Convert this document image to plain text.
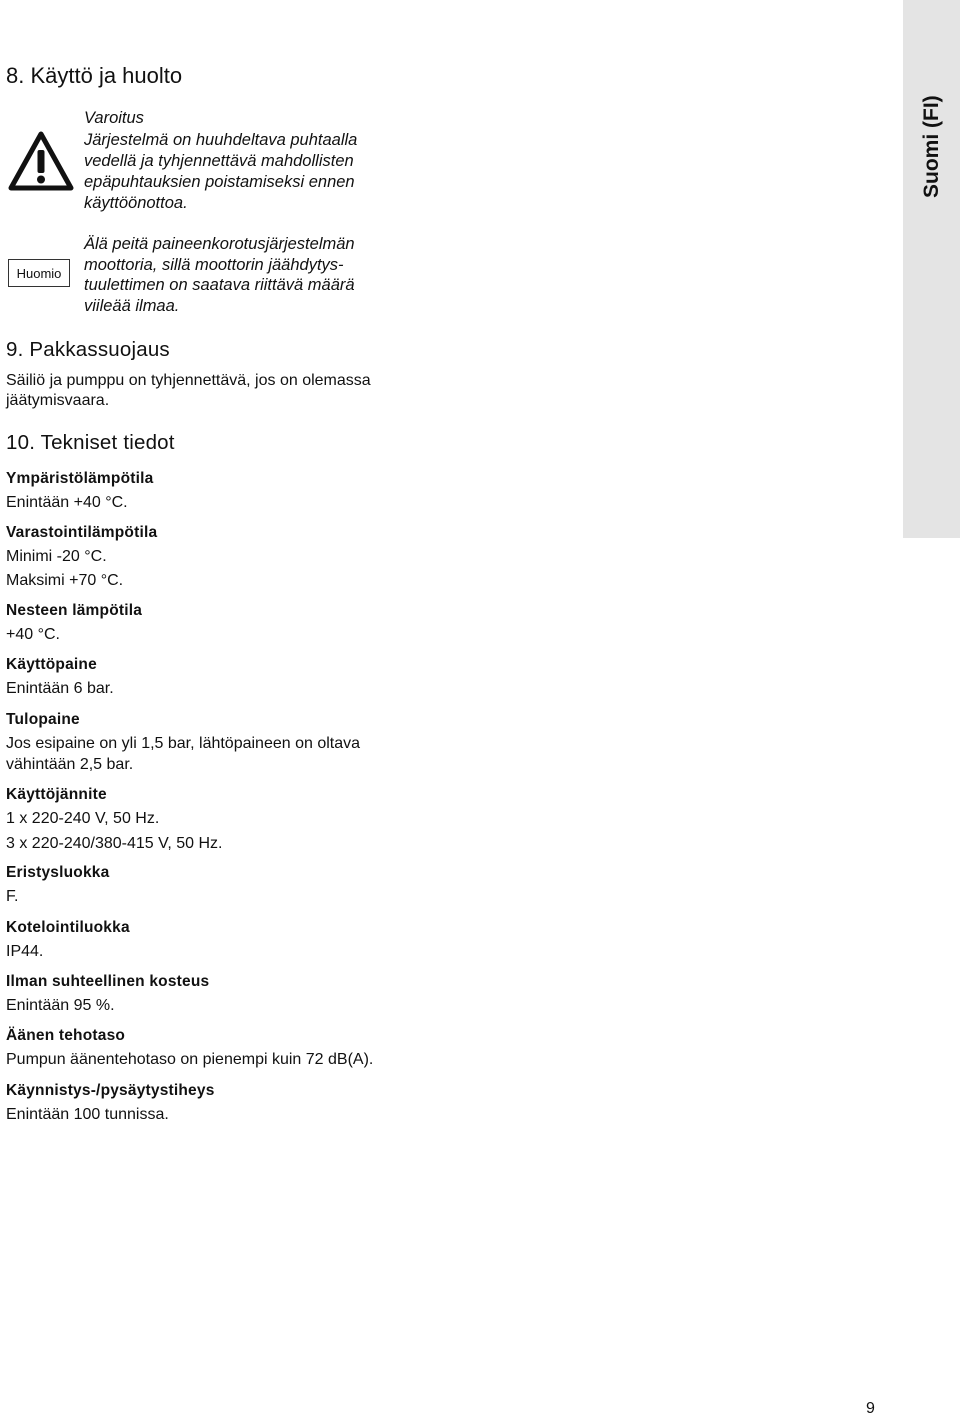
Suomi (FI)
8. Käyttö ja huolto
Varoitus
Järjestelmä on huuhdeltava puhtaalla
vedellä ja tyhjennettävä mahdollisten
epäpuhtauksien poistamiseksi ennen
käyttöönottoa.
Huomio
Älä peitä paineenkorotusjärjestelmän
moottoria, sillä moottorin jäähdytys-
tuulettimen on saatava riittävä määrä
viileää ilmaa.
9. Pakkassuojaus
Säiliö ja pumppu on tyhjennettävä, jos on olemassa
jäätymisvaara.
10. Tekniset tiedot
Ympäristölämpötila
Enintään +40 °C.
Varastointilämpötila
Minimi -20 °C.
Maksimi +70 °C.
Nesteen lämpötila
+40 °C.
Käyttöpaine
Enintään 6 bar.
Tulopaine
Jos esipaine on yli 1,5 bar, lähtöpaineen on oltava
vähintään 2,5 bar.
Käyttöjännite
1 x 220-240 V, 50 Hz.
3 x 220-240/380-415 V, 50 Hz.
Eristysluokka
F.
Kotelointiluokka
IP44.
Ilman suhteellinen kosteus
Enintään 95 %.
Äänen tehotaso
Pumpun äänentehotaso on pienempi kuin 72 dB(A).
Käynnistys-/pysäytystiheys
Enintään 100 tunnissa.
9
